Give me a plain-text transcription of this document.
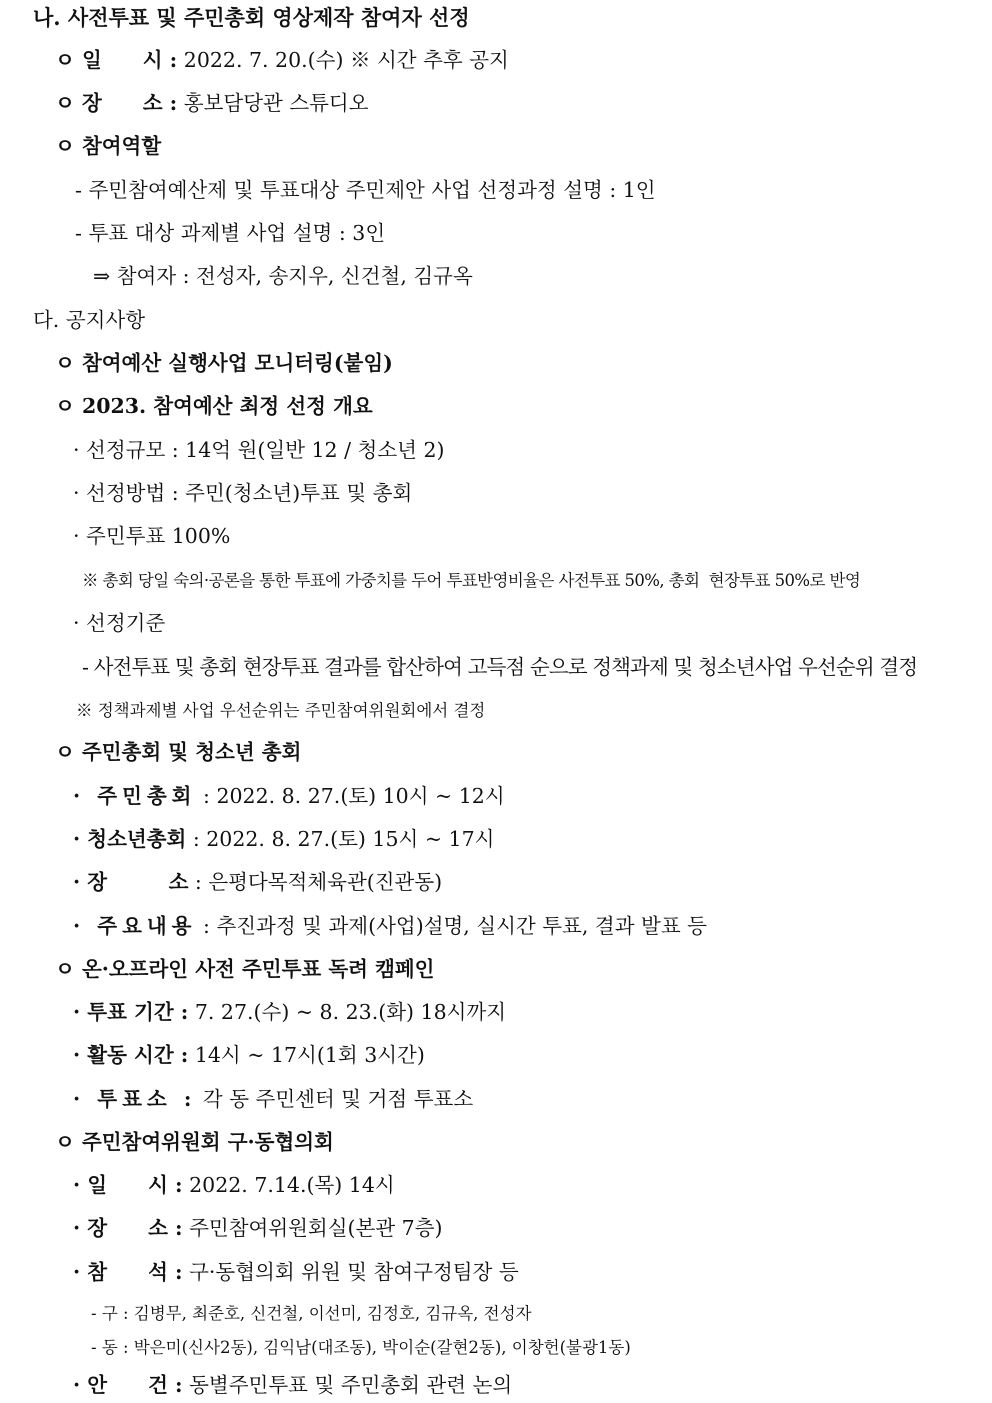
나. 사전투표 및 주민총회 영상제작 참여자 선정
ㅇ 일　　시 : 2022. 7. 20.(수) ※ 시간 추후 공지
ㅇ 장　　소 : 홍보담당관 스튜디오
ㅇ 참여역할
- 주민참여예산제 및 투표대상 주민제안 사업 선정과정 설명 : 1인
- 투표 대상 과제별 사업 설명 : 3인
⇒ 참여자 : 전성자, 송지우, 신건철, 김규옥
다. 공지사항
ㅇ 참여예산 실행사업 모니터링(붙임)
ㅇ 2023. 참여예산 최정 선정 개요
· 선정규모 : 14억 원(일반 12 / 청소년 2)
· 선정방법 : 주민(청소년)투표 및 총회
· 주민투표 100%
※ 총회 당일 숙의·공론을 통한 투표에 가중치를 두어 투표반영비율은 사전투표 50%, 총회  현장투표 50%로 반영
· 선정기준
- 사전투표 및 총회 현장투표 결과를 합산하여 고득점 순으로 정책과제 및 청소년사업 우선순위 결정
※ 정책과제별 사업 우선순위는 주민참여위원회에서 결정
ㅇ 주민총회 및 청소년 총회
· 주민총회 : 2022. 8. 27.(토) 10시 ~ 12시
· 청소년총회 : 2022. 8. 27.(토) 15시 ~ 17시
· 장　　　소 : 은평다목적체육관(진관동)
· 주요내용 : 추진과정 및 과제(사업)설명, 실시간 투표, 결과 발표 등
ㅇ 온·오프라인 사전 주민투표 독려 캠페인
· 투표 기간 : 7. 27.(수) ~ 8. 23.(화) 18시까지
· 활동 시간 : 14시 ~ 17시(1회 3시간)
· 투표소 : 각 동 주민센터 및 거점 투표소
ㅇ 주민참여위원회 구·동협의회
· 일　　시 : 2022. 7.14.(목) 14시
· 장　　소 : 주민참여위원회실(본관 7층)
· 참　　석 : 구·동협의회 위원 및 참여구정팀장 등
- 구 : 김병무, 최준호, 신건철, 이선미, 김정호, 김규옥, 전성자
- 동 : 박은미(신사2동), 김익남(대조동), 박이순(갈현2동), 이창헌(불광1동)
· 안　　건 : 동별주민투표 및 주민총회 관련 논의
